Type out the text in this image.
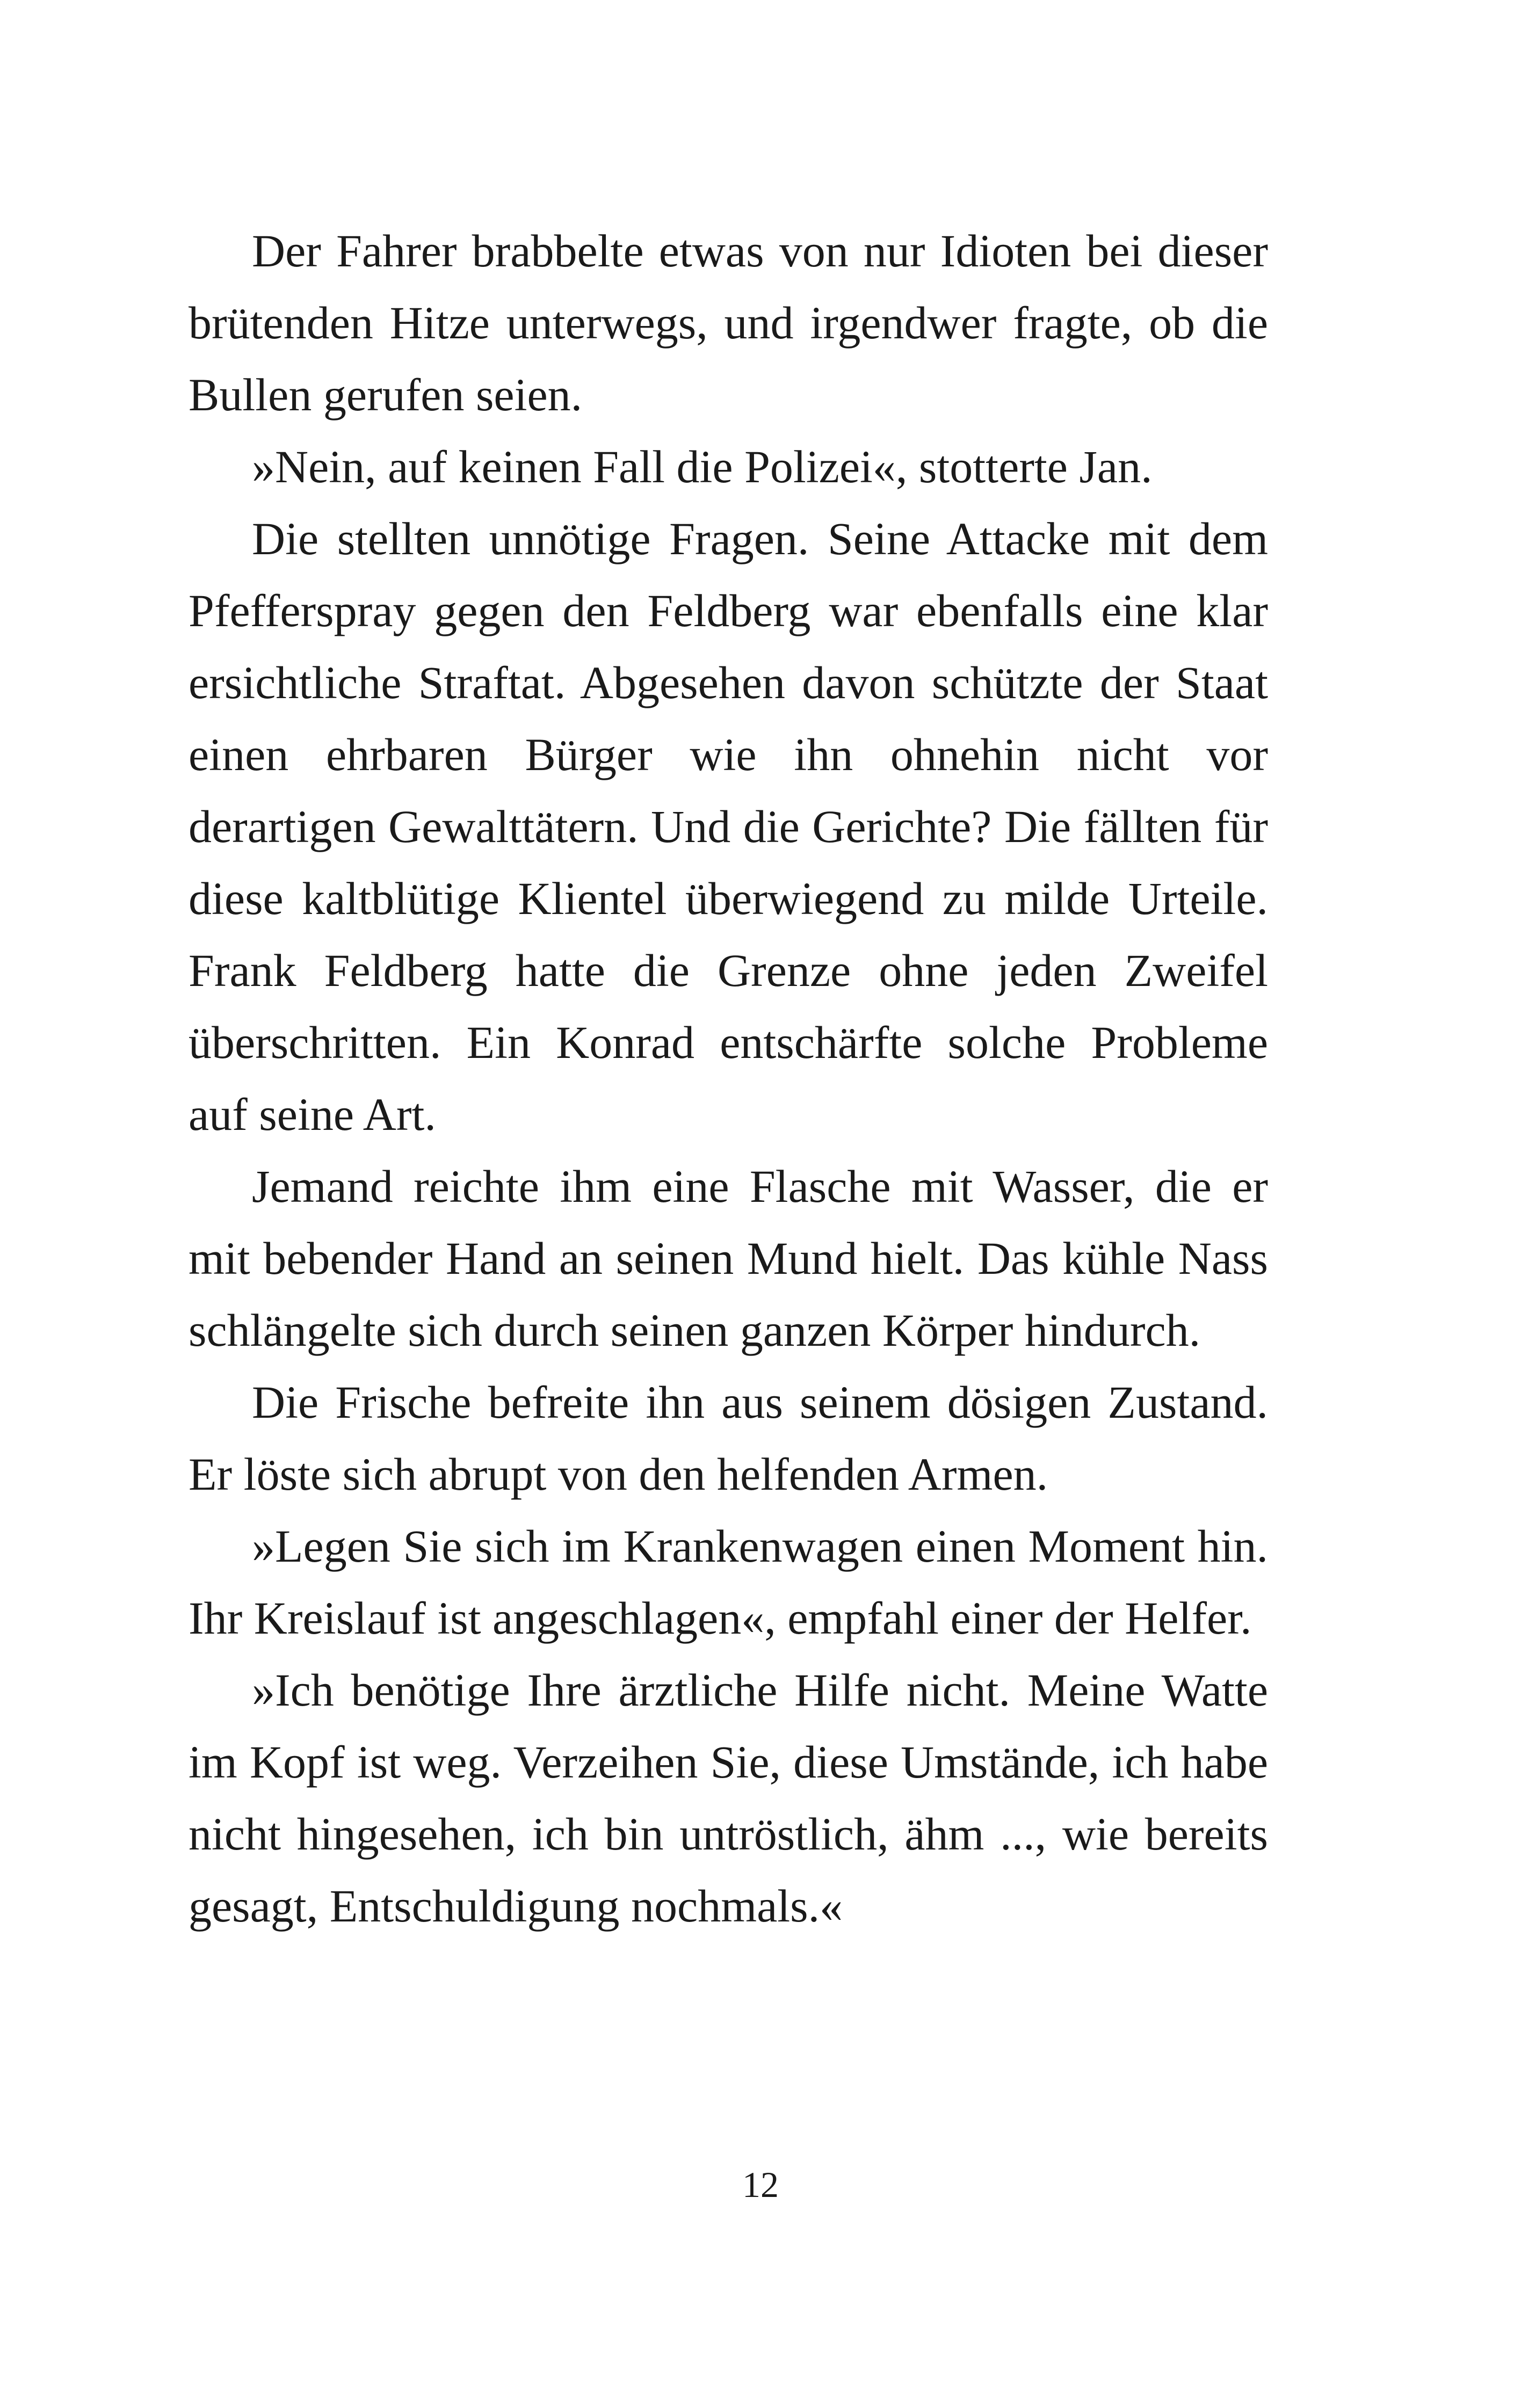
Der Fahrer brabbelte etwas von nur Idioten bei dieser brütenden Hitze unterwegs, und irgendwer fragte, ob die Bullen gerufen seien.

»Nein, auf keinen Fall die Polizei«, stotterte Jan.

Die stellten unnötige Fragen. Seine Attacke mit dem Pfefferspray gegen den Feldberg war ebenfalls eine klar ersichtliche Straftat. Abgesehen davon schützte der Staat einen ehrbaren Bürger wie ihn ohnehin nicht vor derartigen Gewalttätern. Und die Gerichte? Die fällten für diese kaltblütige Klientel überwiegend zu milde Urteile. Frank Feldberg hatte die Grenze ohne jeden Zweifel überschritten. Ein Konrad entschärfte solche Probleme auf seine Art.

Jemand reichte ihm eine Flasche mit Wasser, die er mit bebender Hand an seinen Mund hielt. Das kühle Nass schlängelte sich durch seinen ganzen Körper hindurch.

Die Frische befreite ihn aus seinem dösigen Zustand. Er löste sich abrupt von den helfenden Armen.

»Legen Sie sich im Krankenwagen einen Moment hin. Ihr Kreislauf ist angeschlagen«, empfahl einer der Helfer.

»Ich benötige Ihre ärztliche Hilfe nicht. Meine Watte im Kopf ist weg. Verzeihen Sie, diese Umstände, ich habe nicht hingesehen, ich bin untröstlich, ähm ..., wie bereits gesagt, Entschuldigung nochmals.«

12
